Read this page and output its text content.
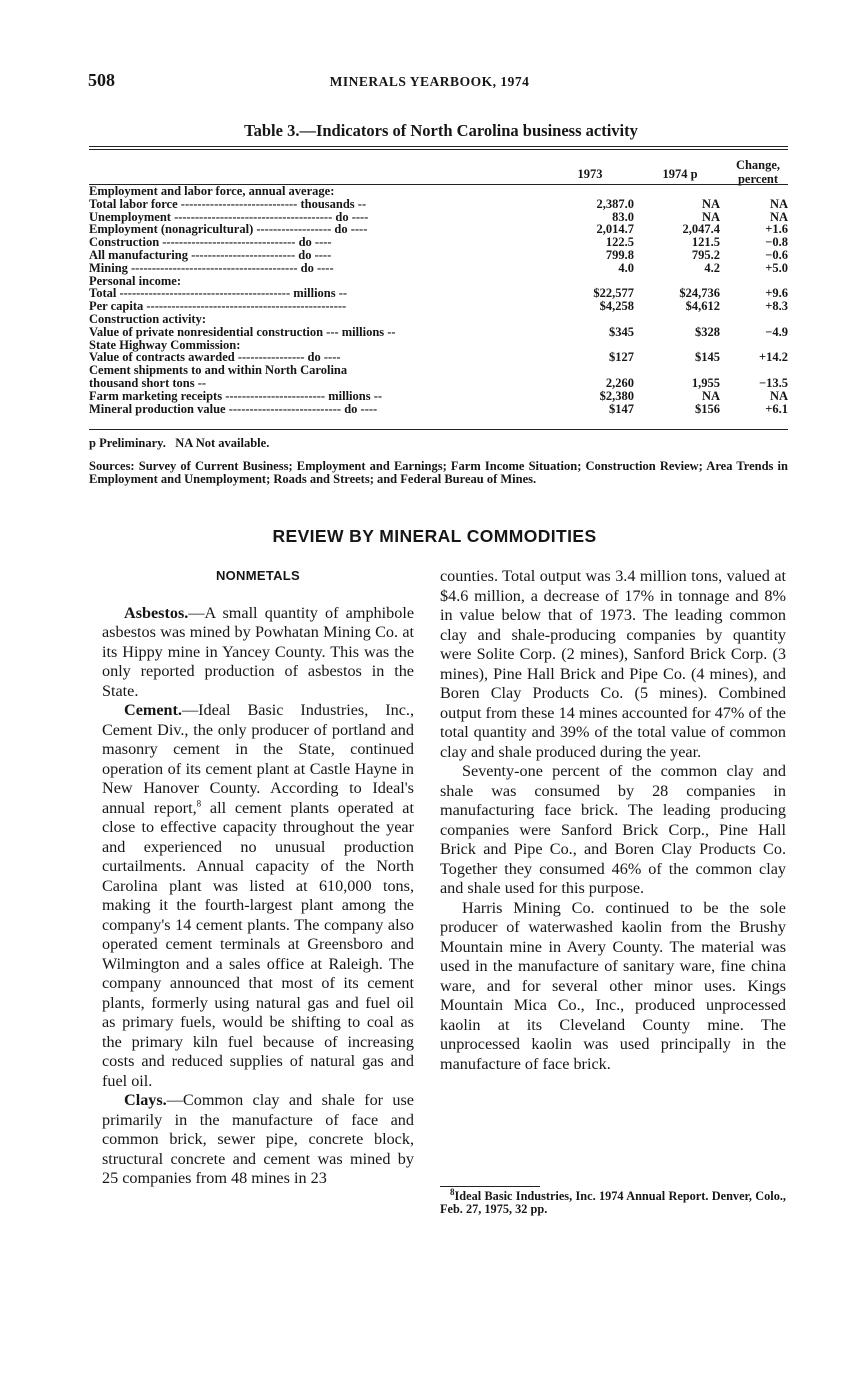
508	MINERALS YEARBOOK, 1974
Table 3.—Indicators of North Carolina business activity
1973	1974 p
Change,
percent
Employment and labor force, annual average:			
Total labor force ---------------------------- thousands --	2,387.0	NA	NA
Unemployment -------------------------------------- do ----	83.0	NA	NA
Employment (nonagricultural) ------------------ do ----	2,014.7	2,047.4	+1.6
Construction -------------------------------- do ----	122.5	121.5	−0.8
All manufacturing ------------------------- do ----	799.8	795.2	−0.6
Mining ---------------------------------------- do ----	4.0	4.2	+5.0
Personal income:			
Total ----------------------------------------- millions --	$22,577	$24,736	+9.6
Per capita ------------------------------------------------	$4,258	$4,612	+8.3
Construction activity:			
Value of private nonresidential construction --- millions --	$345	$328	−4.9
State Highway Commission:			
Value of contracts awarded ---------------- do ----	$127	$145	+14.2
Cement shipments to and within North Carolina			
thousand short tons --	2,260	1,955	−13.5
Farm marketing receipts ------------------------ millions --	$2,380	NA	NA
Mineral production value --------------------------- do ----	$147	$156	+6.1
p Preliminary. NA Not available.
Sources: Survey of Current Business; Employment and Earnings; Farm Income Situation; Construction Review; Area Trends in Employment and Unemployment; Roads and Streets; and Federal Bureau of Mines.
REVIEW BY MINERAL COMMODITIES
NONMETALS

Asbestos.—A small quantity of amphibole asbestos was mined by Powhatan Mining Co. at its Hippy mine in Yancey County. This was the only reported production of asbestos in the State.

Cement.—Ideal Basic Industries, Inc., Cement Div., the only producer of portland and masonry cement in the State, continued operation of its cement plant at Castle Hayne in New Hanover County. According to Ideal's annual report,$^8$ all cement plants operated at close to effective capacity throughout the year and experienced no unusual production curtailments. Annual capacity of the North Carolina plant was listed at 610,000 tons, making it the fourth-largest plant among the company's 14 cement plants. The company also operated cement terminals at Greensboro and Wilmington and a sales office at Raleigh. The company announced that most of its cement plants, formerly using natural gas and fuel oil as primary fuels, would be shifting to coal as the primary kiln fuel because of increasing costs and reduced supplies of natural gas and fuel oil.

Clays.—Common clay and shale for use primarily in the manufacture of face and common brick, sewer pipe, concrete block, structural concrete and cement was mined by 25 companies from 48 mines in 23

counties. Total output was 3.4 million tons, valued at $4.6 million, a decrease of 17% in tonnage and 8% in value below that of 1973. The leading common clay and shale-producing companies by quantity were Solite Corp. (2 mines), Sanford Brick Corp. (3 mines), Pine Hall Brick and Pipe Co. (4 mines), and Boren Clay Products Co. (5 mines). Combined output from these 14 mines accounted for 47% of the total quantity and 39% of the total value of common clay and shale produced during the year.

Seventy-one percent of the common clay and shale was consumed by 28 companies in manufacturing face brick. The leading producing companies were Sanford Brick Corp., Pine Hall Brick and Pipe Co., and Boren Clay Products Co. Together they consumed 46% of the common clay and shale used for this purpose.

Harris Mining Co. continued to be the sole producer of waterwashed kaolin from the Brushy Mountain mine in Avery County. The material was used in the manufacture of sanitary ware, fine china ware, and for several other minor uses. Kings Mountain Mica Co., Inc., produced unprocessed kaolin at its Cleveland County mine. The unprocessed kaolin was used principally in the manufacture of face brick.

$^8$Ideal Basic Industries, Inc. 1974 Annual Report. Denver, Colo., Feb. 27, 1975, 32 pp.
